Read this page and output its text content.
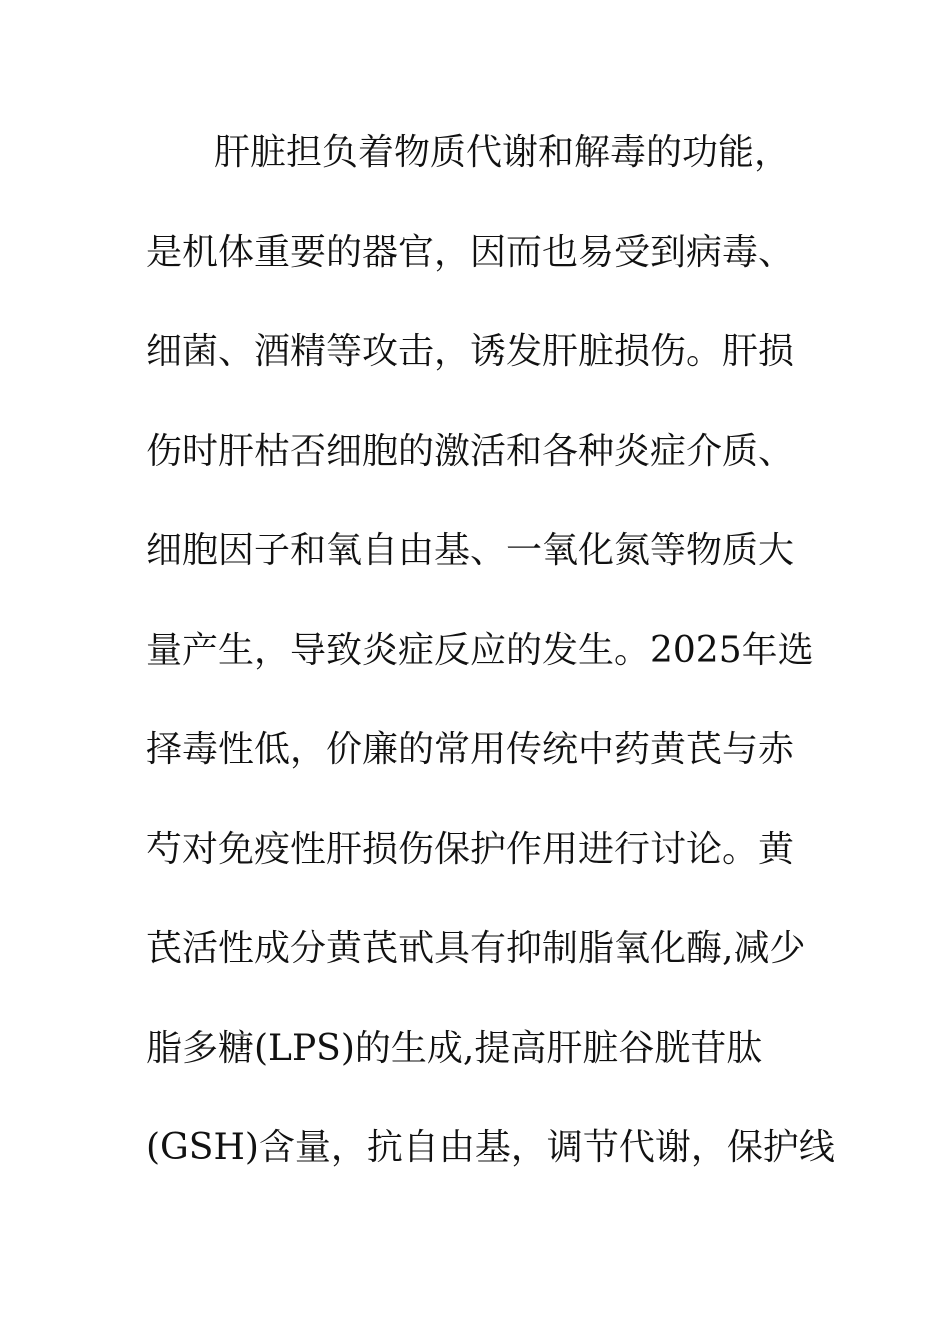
肝脏担负着物质代谢和解毒的功能，
是机体重要的器官，因而也易受到病毒、
细菌、酒精等攻击，诱发肝脏损伤。肝损
伤时肝枯否细胞的激活和各种炎症介质、
细胞因子和氧自由基、一氧化氮等物质大
量产生，导致炎症反应的发生。2025年选
择毒性低，价廉的常用传统中药黄芪与赤
芍对免疫性肝损伤保护作用进行讨论。黄
芪活性成分黄芪甙具有抑制脂氧化酶,减少
脂多糖(LPS)的生成,提高肝脏谷胱苷肽
(GSH)含量，抗自由基，调节代谢，保护线
